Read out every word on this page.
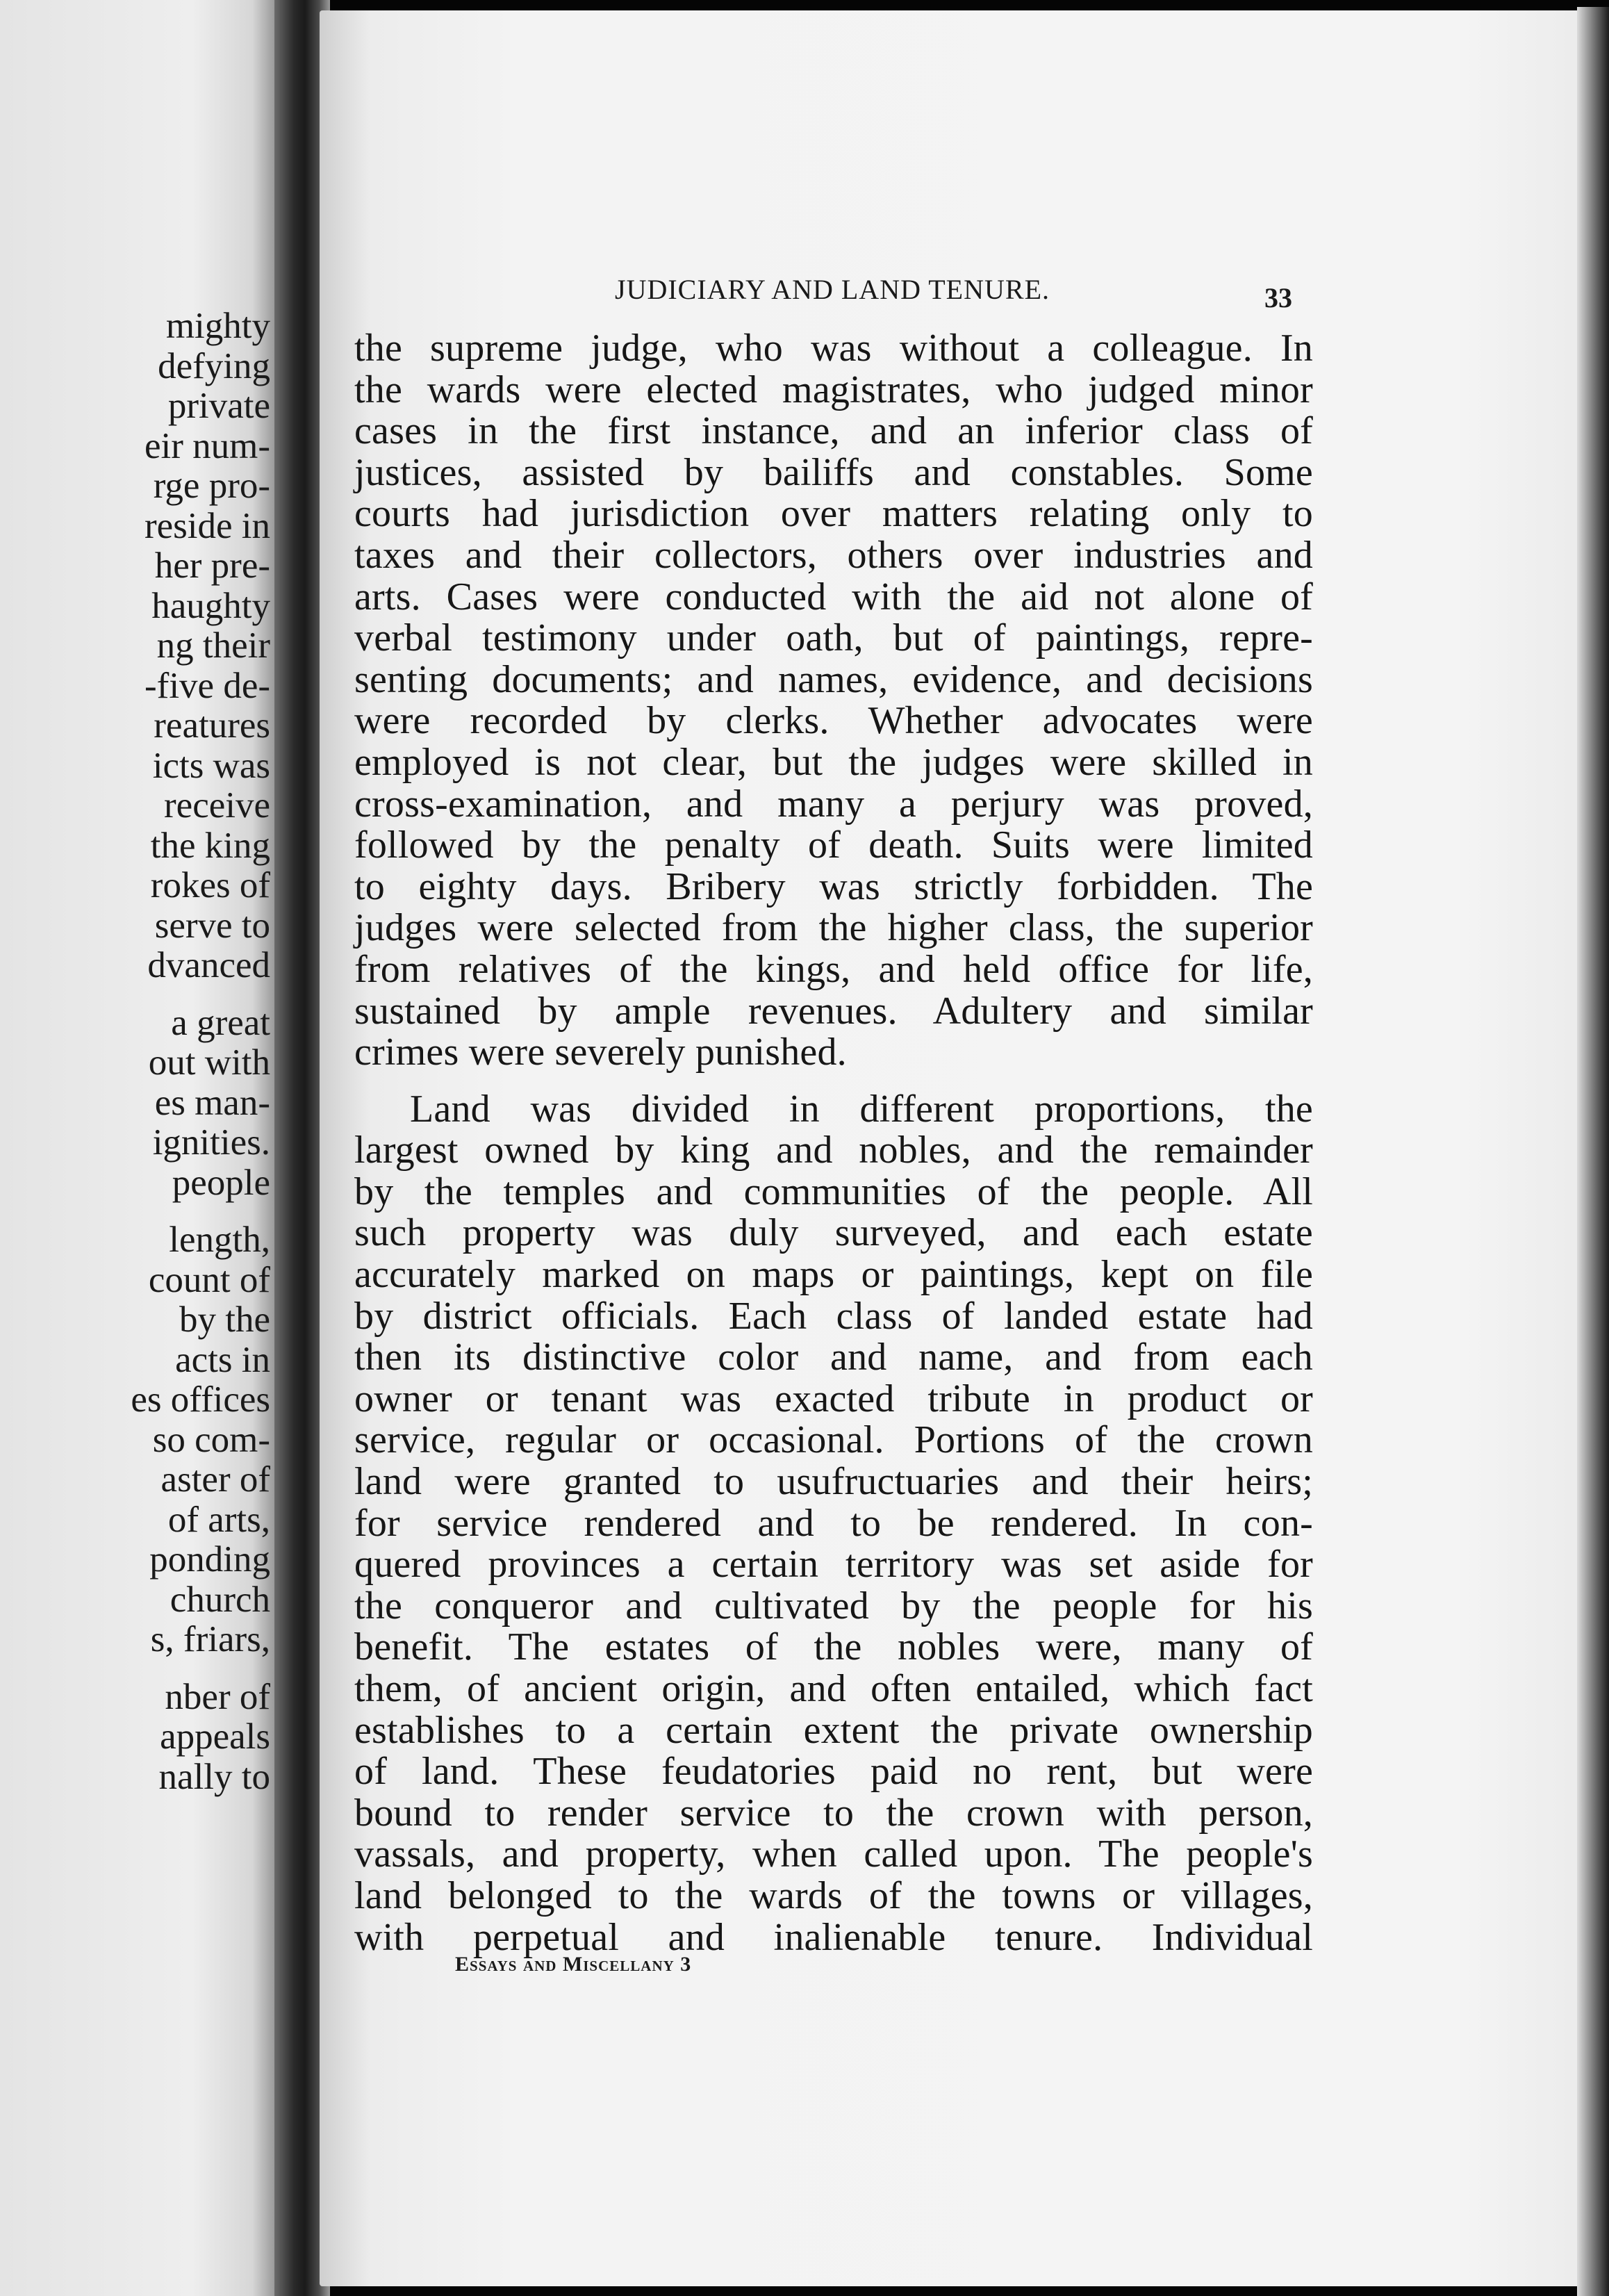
mighty

defying

private

eir num-

rge pro-

reside in

her pre-

haughty

ng their

-five de-

reatures

icts was

receive

the king

rokes of

serve to

dvanced

a great

out with

es man-

ignities.

people

length,

count of

by the

acts in

es offices

so com-

aster of

of arts,

ponding

church

s, friars,

nber of

appeals

nally to

JUDICIARY AND LAND TENURE.	33

the supreme judge, who was without a colleague. In
the wards were elected magistrates, who judged minor
cases in the first instance, and an inferior class of
justices, assisted by bailiffs and constables. Some
courts had jurisdiction over matters relating only to
taxes and their collectors, others over industries and
arts. Cases were conducted with the aid not alone of
verbal testimony under oath, but of paintings, repre-
senting documents; and names, evidence, and decisions
were recorded by clerks. Whether advocates were
employed is not clear, but the judges were skilled in
cross-examination, and many a perjury was proved,
followed by the penalty of death. Suits were limited
to eighty days. Bribery was strictly forbidden. The
judges were selected from the higher class, the superior
from relatives of the kings, and held office for life,
sustained by ample revenues. Adultery and similar
crimes were severely punished.
Land was divided in different proportions, the
largest owned by king and nobles, and the remainder
by the temples and communities of the people. All
such property was duly surveyed, and each estate
accurately marked on maps or paintings, kept on file
by district officials. Each class of landed estate had
then its distinctive color and name, and from each
owner or tenant was exacted tribute in product or
service, regular or occasional. Portions of the crown
land were granted to usufructuaries and their heirs;
for service rendered and to be rendered. In con-
quered provinces a certain territory was set aside for
the conqueror and cultivated by the people for his
benefit. The estates of the nobles were, many of
them, of ancient origin, and often entailed, which fact
establishes to a certain extent the private ownership
of land. These feudatories paid no rent, but were
bound to render service to the crown with person,
vassals, and property, when called upon. The people's
land belonged to the wards of the towns or villages,
with perpetual and inalienable tenure. Individual

Essays and Miscellany 3
